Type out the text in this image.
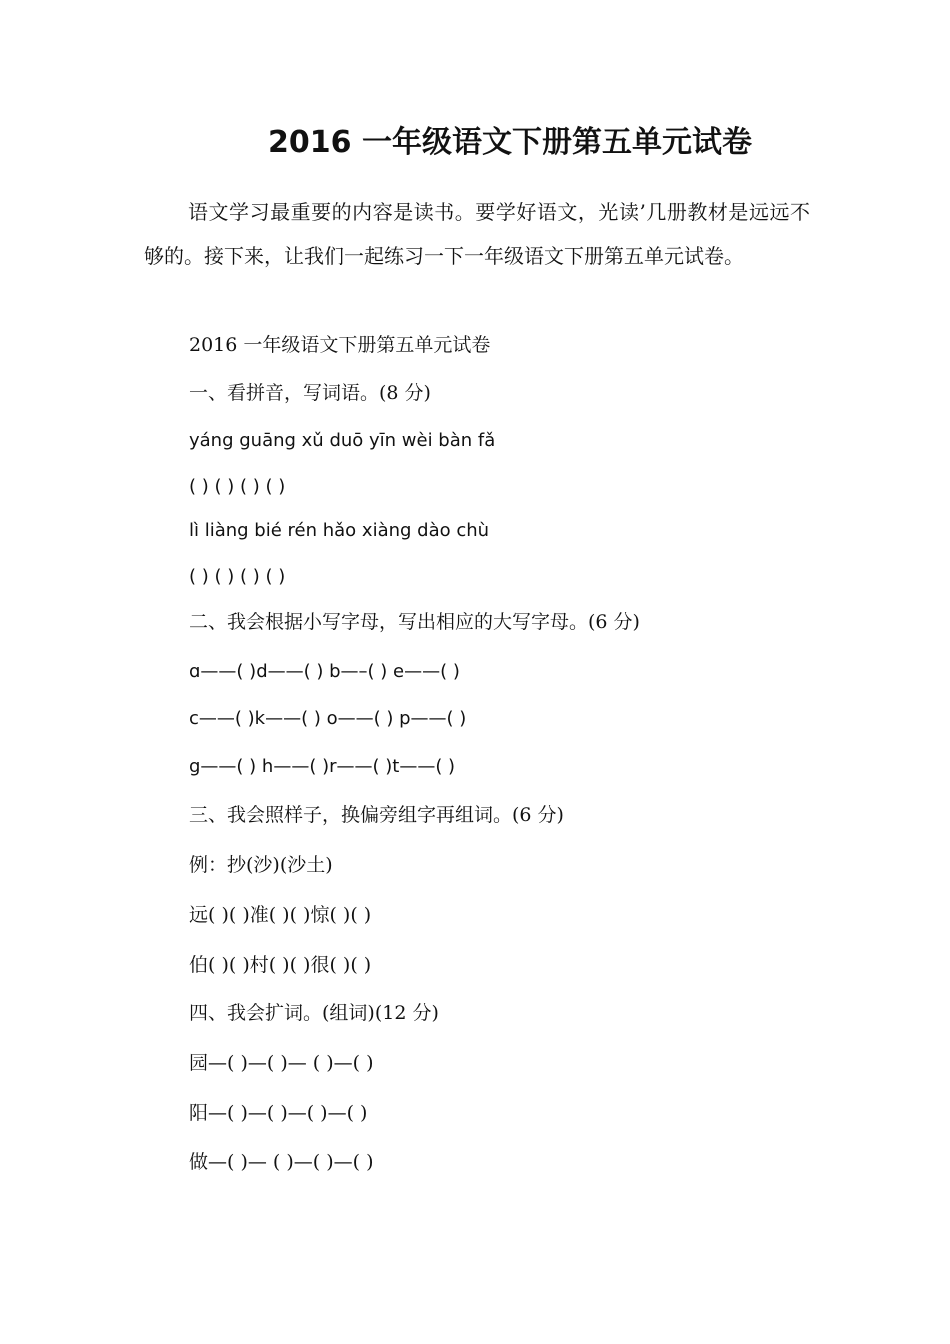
2016 一年级语文下册第五单元试卷
语文学习最重要的内容是读书。要学好语文，光读’几册教材是远远不够的。接下来，让我们一起练习一下一年级语文下册第五单元试卷。
2016 一年级语文下册第五单元试卷
一、看拼音，写词语。(8 分)
yáng guāng xǔ duō yīn wèi bàn fǎ
( ) ( ) ( ) ( )
lì liàng bié rén hǎo xiàng dào chù
( ) ( ) ( ) ( )
二、我会根据小写字母，写出相应的大写字母。(6 分)
ɑ——( )d——( ) b—–( ) e——( )
c——( )k——( ) o——( ) p——( )
g——( ) h——( )r——( )t——( )
三、我会照样子，换偏旁组字再组词。(6 分)
例：抄(沙)(沙土)
远( )( )准( )( )惊( )( )
伯( )( )村( )( )很( )( )
四、我会扩词。(组词)(12 分)
园—( )—( )— ( )—( )
阳—( )—( )—( )—( )
做—( )— ( )—( )—( )
